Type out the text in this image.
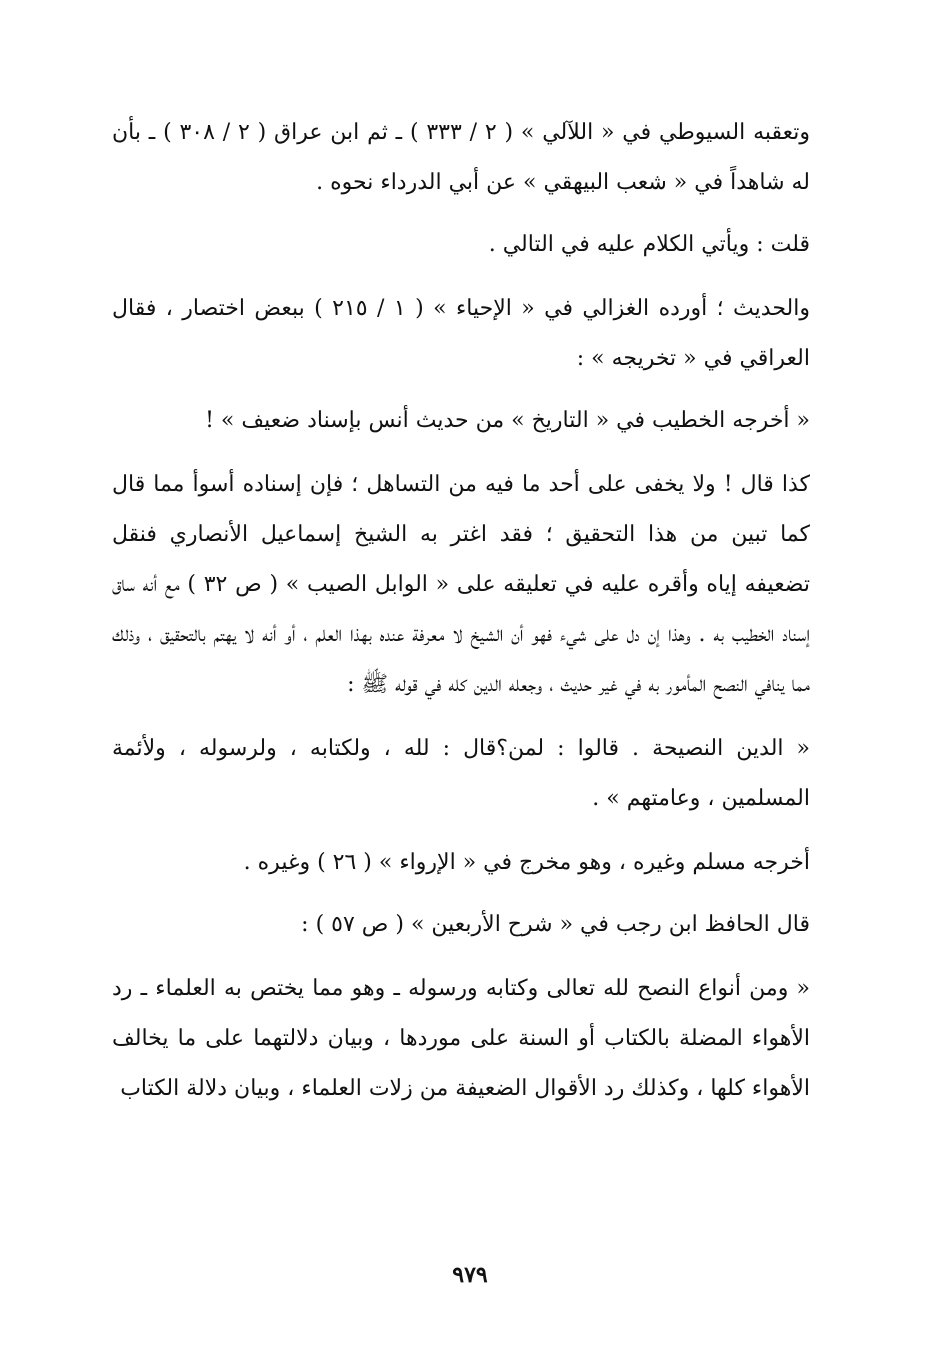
وتعقبه السيوطي في « اللآلي » ( ٢ / ٣٣٣ ) ـ ثم ابن عراق ( ٢ / ٣٠٨ ) ـ بأن له شاهداً في « شعب البيهقي » عن أبي الدرداء نحوه .

قلت : ويأتي الكلام عليه في التالي .

والحديث ؛ أورده الغزالي في « الإحياء » ( ١ / ٢١٥ ) ببعض اختصار ، فقال العراقي في « تخريجه » :

« أخرجه الخطيب في « التاريخ » من حديث أنس بإسناد ضعيف » !

كذا قال ! ولا يخفى على أحد ما فيه من التساهل ؛ فإن إسناده أسوأ مما قال كما تبين من هذا التحقيق ؛ فقد اغتر به الشيخ إسماعيل الأنصاري فنقل تضعيفه إياه وأقره عليه في تعليقه على « الوابل الصيب » ( ص ٣٢ ) مع أنه ساق إسناد الخطيب به . وهذا إن دل على شيء فهو أن الشيخ لا معرفة عنده بهذا العلم ، أو أنه لا يهتم بالتحقيق ، وذلك مما ينافي النصح المأمور به في غير حديث ، وجعله الدين كله في قوله ﷺ :

« الدين النصيحة . قالوا : لمن؟قال : لله ، ولكتابه ، ولرسوله ، ولأئمة المسلمين ، وعامتهم » .

أخرجه مسلم وغيره ، وهو مخرج في « الإرواء » ( ٢٦ ) وغيره .

قال الحافظ ابن رجب في « شرح الأربعين » ( ص ٥٧ ) :

« ومن أنواع النصح لله تعالى وكتابه ورسوله ـ وهو مما يختص به العلماء ـ رد الأهواء المضلة بالكتاب أو السنة على موردها ، وبيان دلالتهما على ما يخالف الأهواء كلها ، وكذلك رد الأقوال الضعيفة من زلات العلماء ، وبيان دلالة الكتاب

٩٧٩
